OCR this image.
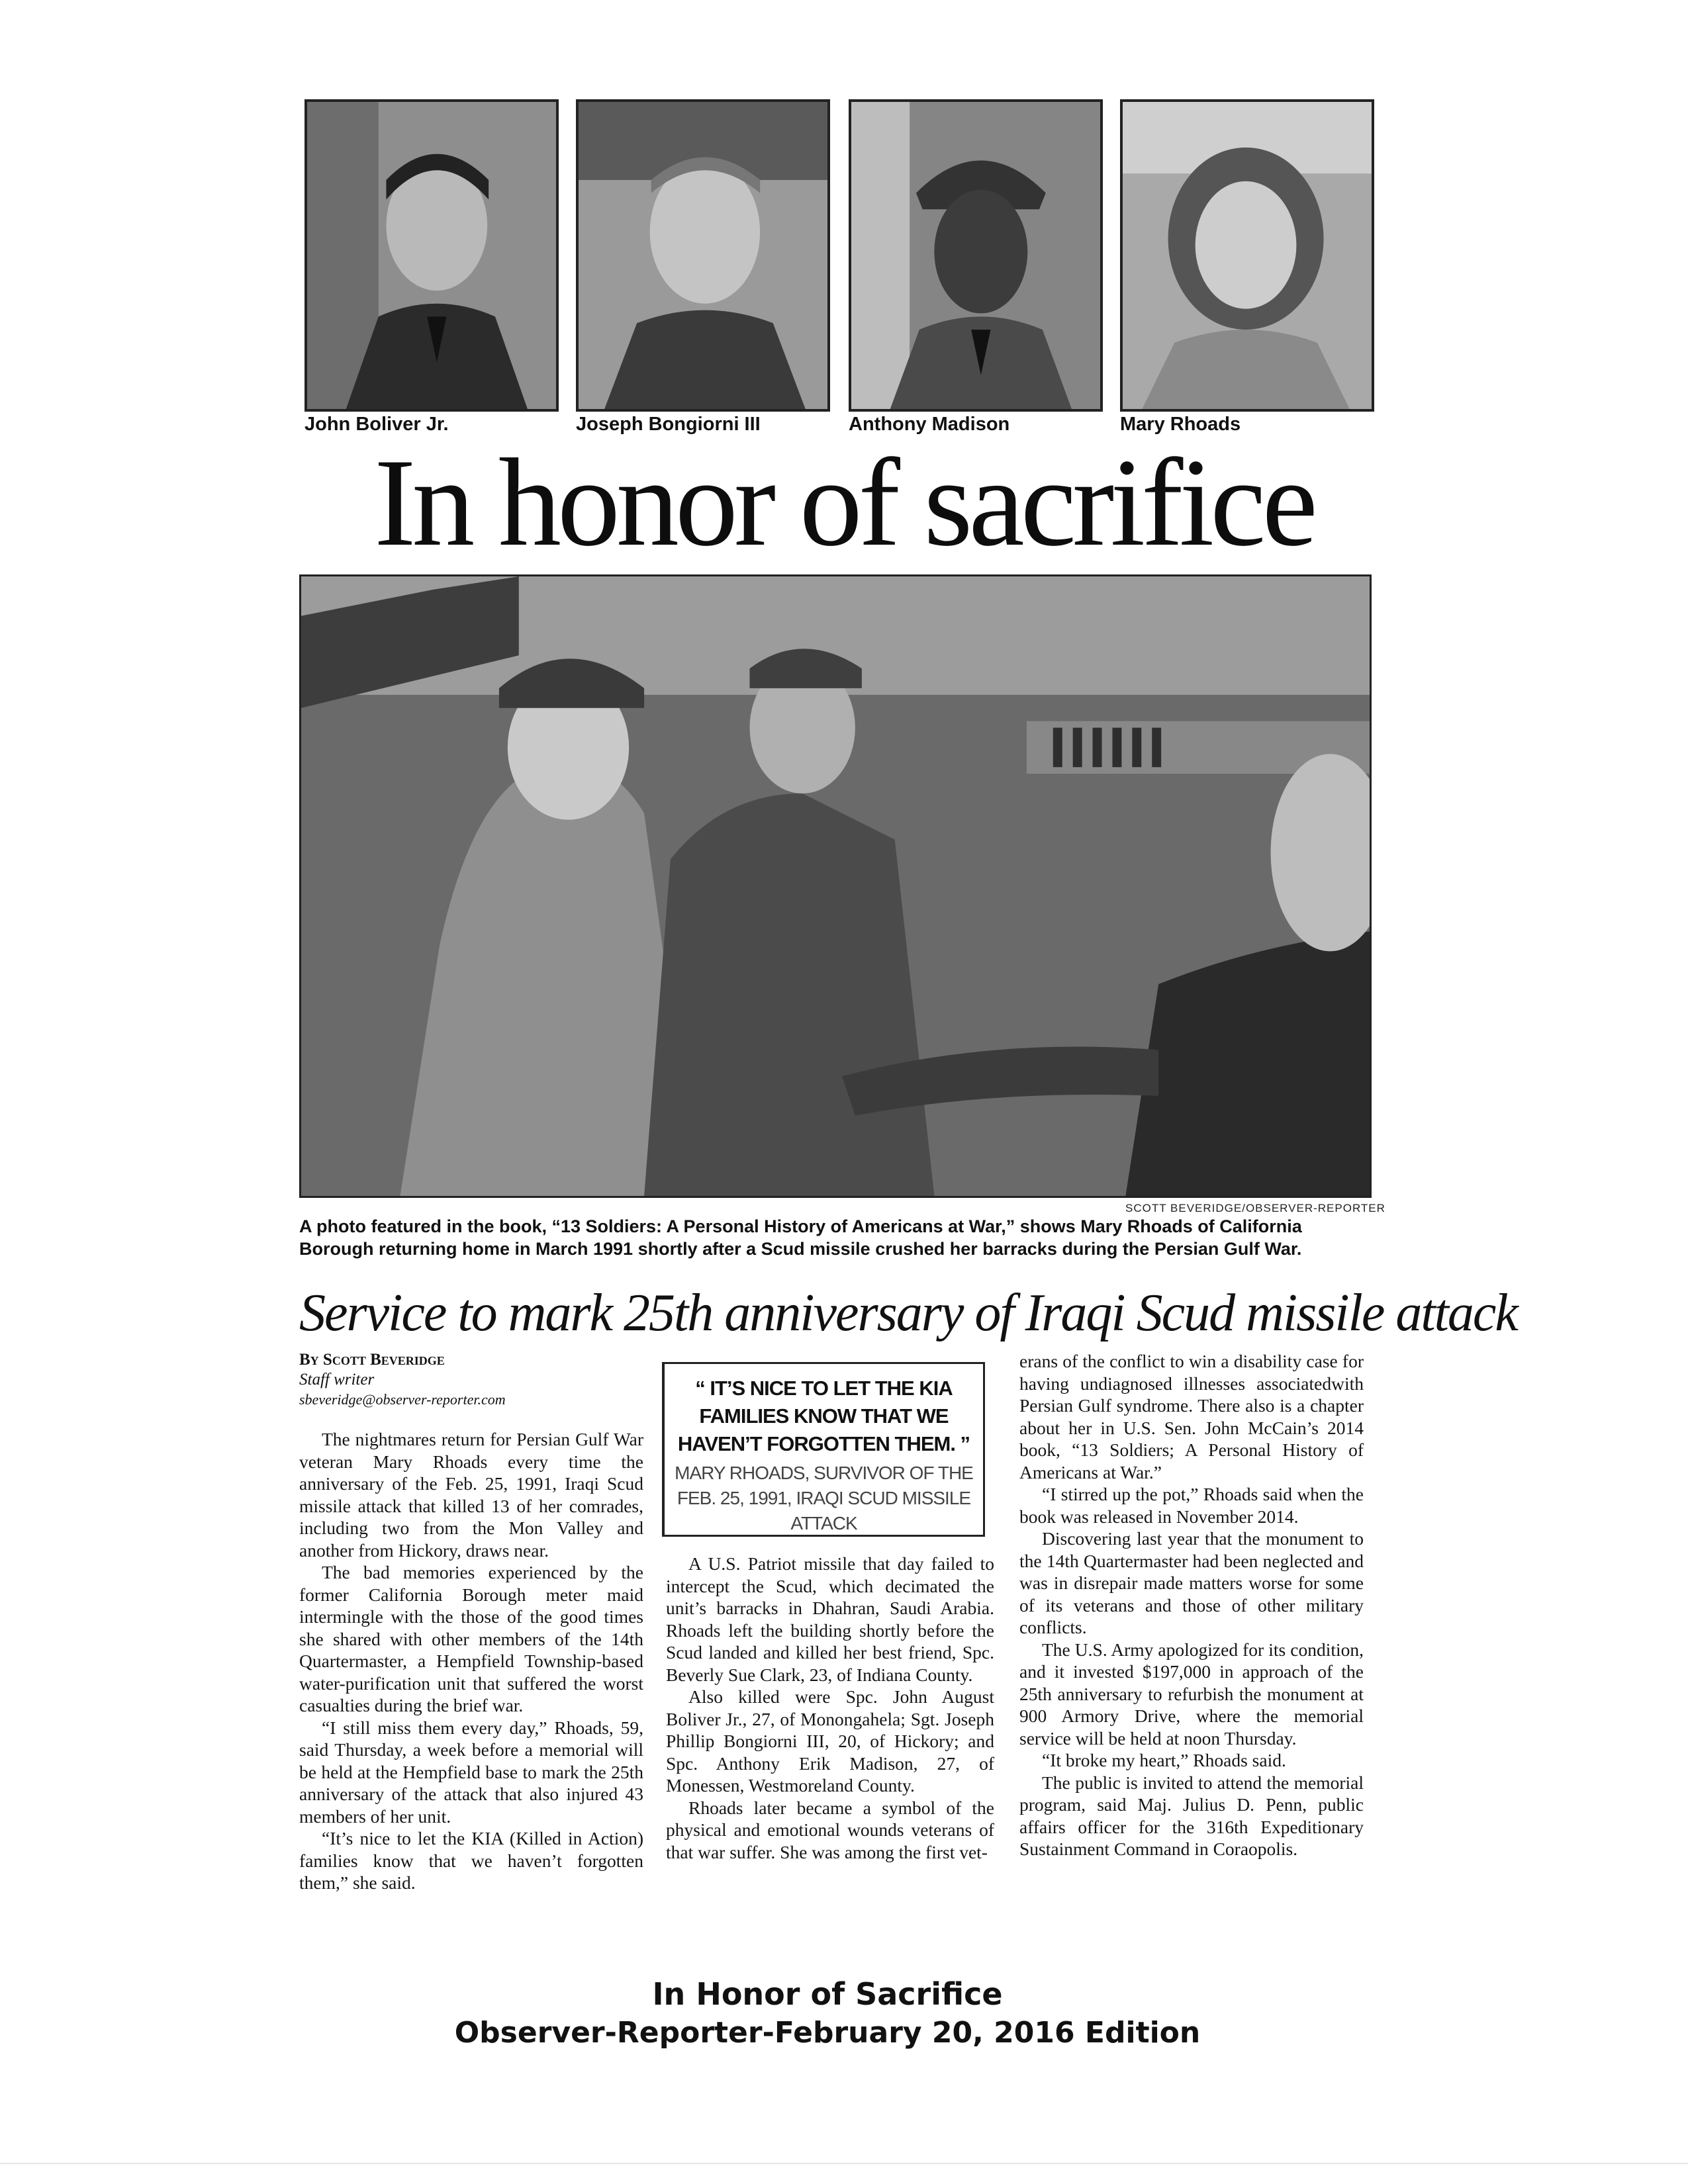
John Boliver Jr.	Joseph Bongiorni III	Anthony Madison	Mary Rhoads
In honor of sacrifice
SCOTT BEVERIDGE/OBSERVER-REPORTER
A photo featured in the book, “13 Soldiers: A Personal History of Americans at War,” shows Mary Rhoads of California Borough returning home in March 1991 shortly after a Scud missile crushed her barracks during the Persian Gulf War.
Service to mark 25th anniversary of Iraqi Scud missile attack
By Scott Beveridge
Staff writer
sbeveridge@observer-reporter.com

The nightmares return for Persian Gulf War veteran Mary Rhoads every time the anniversary of the Feb. 25, 1991, Iraqi Scud missile attack that killed 13 of her comrades, including two from the Mon Valley and another from Hickory, draws near.

The bad memories experienced by the former California Borough meter maid intermingle with the those of the good times she shared with other members of the 14th Quartermaster, a Hempfield Township-based water-purification unit that suffered the worst casualties during the brief war.

“I still miss them every day,” Rhoads, 59, said Thursday, a week before a memorial will be held at the Hempfield base to mark the 25th anniversary of the attack that also injured 43 members of her unit.

“It’s nice to let the KIA (Killed in Action) families know that we haven’t forgotten them,” she said.

“ IT’S NICE TO LET THE KIA FAMILIES KNOW THAT WE HAVEN’T FORGOTTEN THEM. ”
MARY RHOADS, SURVIVOR OF THE FEB. 25, 1991, IRAQI SCUD MISSILE ATTACK

A U.S. Patriot missile that day failed to intercept the Scud, which decimated the unit’s barracks in Dhahran, Saudi Arabia. Rhoads left the building shortly before the Scud landed and killed her best friend, Spc. Beverly Sue Clark, 23, of Indiana County.

Also killed were Spc. John August Boliver Jr., 27, of Monongahela; Sgt. Joseph Phillip Bongiorni III, 20, of Hickory; and Spc. Anthony Erik Madison, 27, of Monessen, Westmoreland County.

Rhoads later became a symbol of the physical and emotional wounds veterans of that war suffer. She was among the first vet-

erans of the conflict to win a disability case for having undiagnosed illnesses associatedwith Persian Gulf syndrome. There also is a chapter about her in U.S. Sen. John McCain’s 2014 book, “13 Soldiers; A Personal History of Americans at War.”

“I stirred up the pot,” Rhoads said when the book was released in November 2014.

Discovering last year that the monument to the 14th Quartermaster had been neglected and was in disrepair made matters worse for some of its veterans and those of other military conflicts.

The U.S. Army apologized for its condition, and it invested $197,000 in approach of the 25th anniversary to refurbish the monument at 900 Armory Drive, where the memorial service will be held at noon Thursday.

“It broke my heart,” Rhoads said.

The public is invited to attend the memorial program, said Maj. Julius D. Penn, public affairs officer for the 316th Expeditionary Sustainment Command in Coraopolis.

In Honor of Sacrifice
Observer-Reporter-February 20, 2016 Edition
